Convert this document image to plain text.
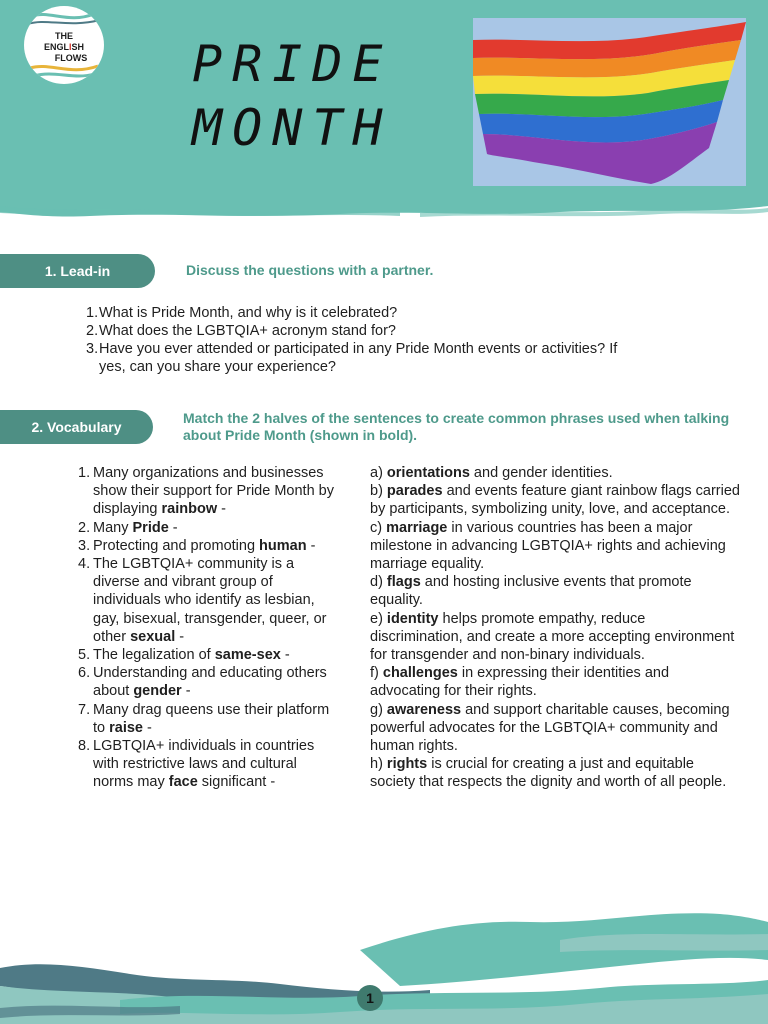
THE
ENGLISH
FLOWS	PRIDE
MONTH
1. Lead-in	Discuss the questions with a partner.
1. What is Pride Month, and why is it celebrated?
2. What does the LGBTQIA+ acronym stand for?
3. Have you ever attended or participated in any Pride Month events or activities? If yes, can you share your experience?
2. Vocabulary
Match the 2 halves of the sentences to create common phrases used when talking about Pride Month (shown in bold).
1. Many organizations and businesses show their support for Pride Month by displaying rainbow -
2. Many Pride -
3. Protecting and promoting human -
4. The LGBTQIA+ community is a diverse and vibrant group of individuals who identify as lesbian, gay, bisexual, transgender, queer, or other sexual -
5. The legalization of same-sex -
6. Understanding and educating others about gender -
7. Many drag queens use their platform to raise -
8. LGBTQIA+ individuals in countries with restrictive laws and cultural norms may face significant -
a) orientations and gender identities.
b) parades and events feature giant rainbow flags carried by participants, symbolizing unity, love, and acceptance.
c) marriage in various countries has been a major milestone in advancing LGBTQIA+ rights and achieving marriage equality.
d) flags and hosting inclusive events that promote equality.
e) identity helps promote empathy, reduce discrimination, and create a more accepting environment for transgender and non-binary individuals.
f) challenges in expressing their identities and advocating for their rights.
g) awareness and support charitable causes, becoming powerful advocates for the LGBTQIA+ community and human rights.
h) rights is crucial for creating a just and equitable society that respects the dignity and worth of all people.
1
